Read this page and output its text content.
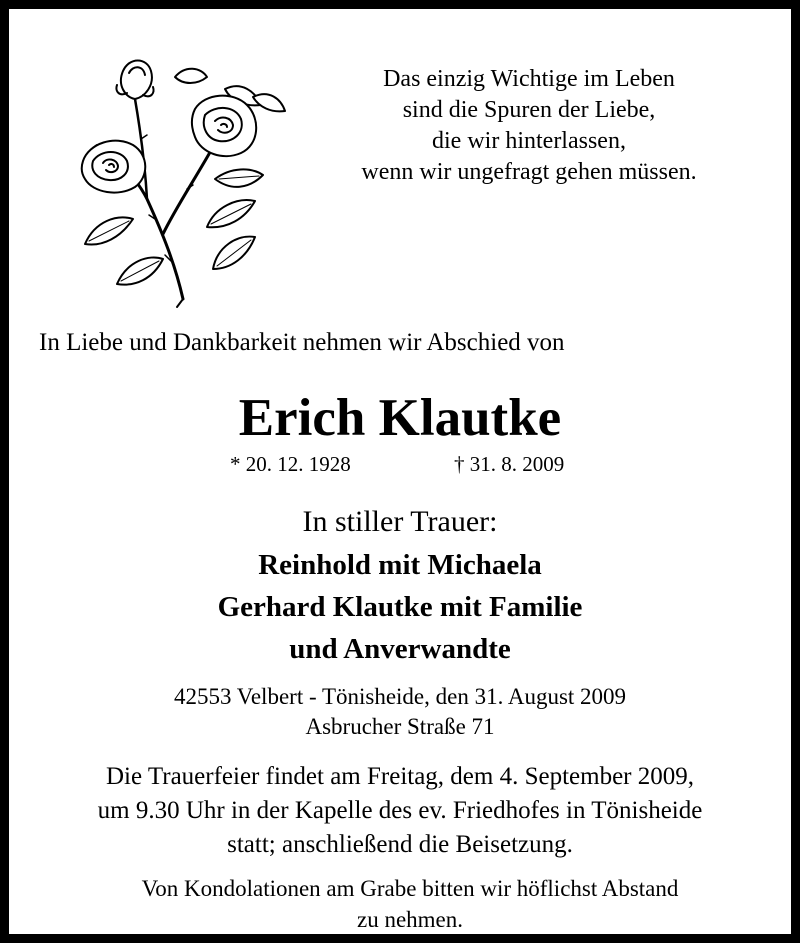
Das einzig Wichtige im Leben
sind die Spuren der Liebe,
die wir hinterlassen,
wenn wir ungefragt gehen müssen.
In Liebe und Dankbarkeit nehmen wir Abschied von
Erich Klautke
* 20. 12. 1928	† 31. 8. 2009
In stiller Trauer:
Reinhold mit Michaela
Gerhard Klautke mit Familie
und Anverwandte
42553 Velbert - Tönisheide, den 31. August 2009
Asbrucher Straße 71
Die Trauerfeier findet am Freitag, dem 4. September 2009,
um 9.30 Uhr in der Kapelle des ev. Friedhofes in Tönisheide
statt; anschließend die Beisetzung.
Von Kondolationen am Grabe bitten wir höflichst Abstand
zu nehmen.
